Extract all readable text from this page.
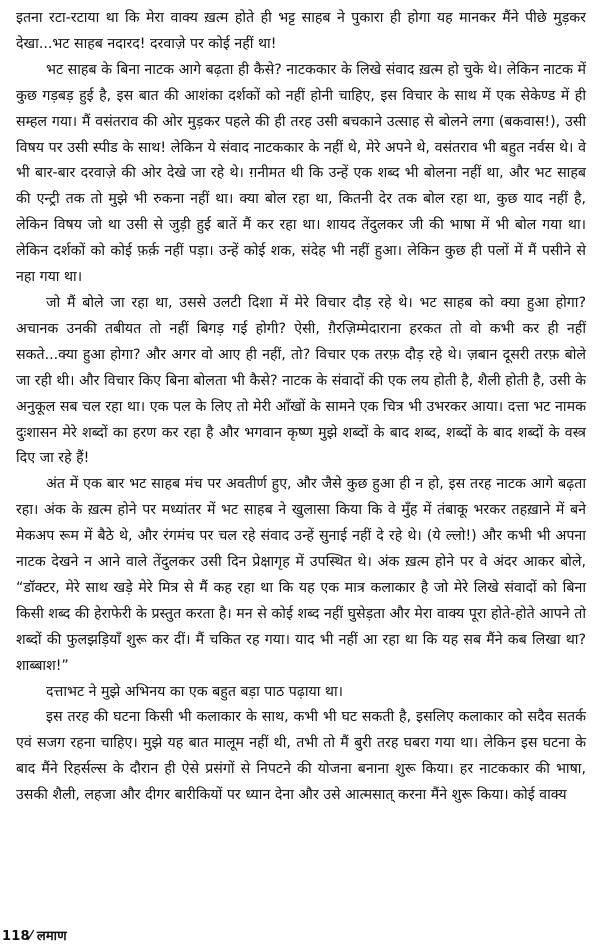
इतना रटा-रटाया था कि मेरा वाक्य ख़त्म होते ही भट्ट साहब ने पुकारा ही होगा यह मानकर मैंने पीछे मुड़कर देखा...भट साहब नदारद! दरवाज़े पर कोई नहीं था!

भट साहब के बिना नाटक आगे बढ़ता ही कैसे? नाटककार के लिखे संवाद ख़त्म हो चुके थे। लेकिन नाटक में कुछ गड़बड़ हुई है, इस बात की आशंका दर्शकों को नहीं होनी चाहिए, इस विचार के साथ में एक सेकेण्ड में ही सम्हल गया। मैं वसंतराव की ओर मुड़कर पहले की ही तरह उसी बचकाने उत्साह से बोलने लगा (बकवास!), उसी विषय पर उसी स्पीड के साथ! लेकिन ये संवाद नाटककार के नहीं थे, मेरे अपने थे, वसंतराव भी बहुत नर्वस थे। वे भी बार-बार दरवाज़े की ओर देखे जा रहे थे। ग़नीमत थी कि उन्हें एक शब्द भी बोलना नहीं था, और भट साहब की एन्ट्री तक तो मुझे भी रुकना नहीं था। क्या बोल रहा था, कितनी देर तक बोल रहा था, कुछ याद नहीं है, लेकिन विषय जो था उसी से जुड़ी हुई बातें मैं कर रहा था। शायद तेंदुलकर जी की भाषा में भी बोल गया था। लेकिन दर्शकों को कोई फ़र्क़ नहीं पड़ा। उन्हें कोई शक, संदेह भी नहीं हुआ। लेकिन कुछ ही पलों में मैं पसीने से नहा गया था।

जो मैं बोले जा रहा था, उससे उलटी दिशा में मेरे विचार दौड़ रहे थे। भट साहब को क्या हुआ होगा? अचानक उनकी तबीयत तो नहीं बिगड़ गई होगी? ऐसी, ग़ैरज़िम्मेदाराना हरकत तो वो कभी कर ही नहीं सकते...क्या हुआ होगा? और अगर वो आए ही नहीं, तो? विचार एक तरफ़ दौड़ रहे थे। ज़बान दूसरी तरफ़ बोले जा रही थी। और विचार किए बिना बोलता भी कैसे? नाटक के संवादों की एक लय होती है, शैली होती है, उसी के अनुकूल सब चल रहा था। एक पल के लिए तो मेरी आँखों के सामने एक चित्र भी उभरकर आया। दत्ता भट नामक दुःशासन मेरे शब्दों का हरण कर रहा है और भगवान कृष्ण मुझे शब्दों के बाद शब्द, शब्दों के बाद शब्दों के वस्त्र दिए जा रहे हैं!

अंत में एक बार भट साहब मंच पर अवतीर्ण हुए, और जैसे कुछ हुआ ही न हो, इस तरह नाटक आगे बढ़ता रहा। अंक के ख़त्म होने पर मध्यांतर में भट साहब ने खुलासा किया कि वे मुँह में तंबाकू भरकर तहख़ाने में बने मेकअप रूम में बैठे थे, और रंगमंच पर चल रहे संवाद उन्हें सुनाई नहीं दे रहे थे। (ये ल्लो!) और कभी भी अपना नाटक देखने न आने वाले तेंदुलकर उसी दिन प्रेक्षागृह में उपस्थित थे। अंक ख़त्म होने पर वे अंदर आकर बोले, “डॉक्टर, मेरे साथ खड़े मेरे मित्र से मैं कह रहा था कि यह एक मात्र कलाकार है जो मेरे लिखे संवादों को बिना किसी शब्द की हेराफेरी के प्रस्तुत करता है। मन से कोई शब्द नहीं घुसेड़ता और मेरा वाक्य पूरा होते-होते आपने तो शब्दों की फुलझड़ियाँ शुरू कर दीं। मैं चकित रह गया। याद भी नहीं आ रहा था कि यह सब मैंने कब लिखा था? शाब्बाश!”

दत्ताभट ने मुझे अभिनय का एक बहुत बड़ा पाठ पढ़ाया था।

इस तरह की घटना किसी भी कलाकार के साथ, कभी भी घट सकती है, इसलिए कलाकार को सदैव सतर्क एवं सजग रहना चाहिए। मुझे यह बात मालूम नहीं थी, तभी तो मैं बुरी तरह घबरा गया था। लेकिन इस घटना के बाद मैंने रिहर्सल्स के दौरान ही ऐसे प्रसंगों से निपटने की योजना बनाना शुरू किया। हर नाटककार की भाषा, उसकी शैली, लहजा और दीगर बारीकियों पर ध्यान देना और उसे आत्मसात् करना मैंने शुरू किया। कोई वाक्य

118⁄ लमाण
